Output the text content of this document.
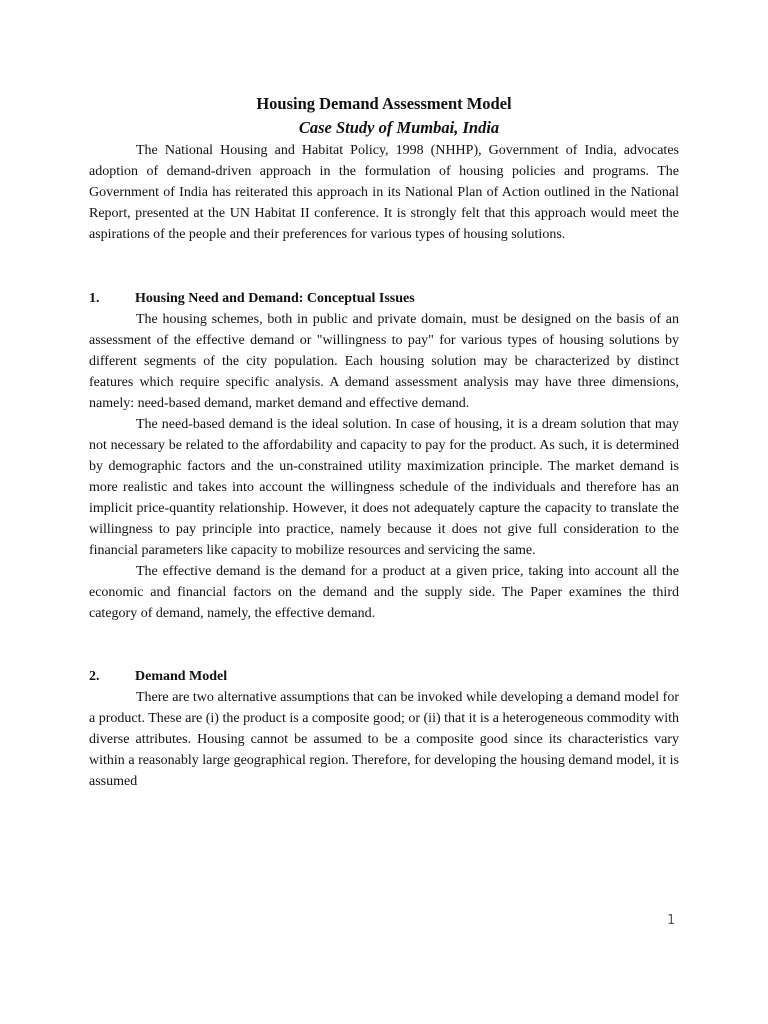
Housing Demand Assessment Model
Case Study of Mumbai, India

The National Housing and Habitat Policy, 1998 (NHHP), Government of India, advocates adoption of demand-driven approach in the formulation of housing policies and programs. The Government of India has reiterated this approach in its National Plan of Action outlined in the National Report, presented at the UN Habitat II conference. It is strongly felt that this approach would meet the aspirations of the people and their preferences for various types of housing solutions.

1.	Housing Need and Demand: Conceptual Issues

The housing schemes, both in public and private domain, must be designed on the basis of an assessment of the effective demand or "willingness to pay" for various types of housing solutions by different segments of the city population. Each housing solution may be characterized by distinct features which require specific analysis. A demand assessment analysis may have three dimensions, namely: need-based demand, market demand and effective demand.

The need-based demand is the ideal solution. In case of housing, it is a dream solution that may not necessary be related to the affordability and capacity to pay for the product. As such, it is determined by demographic factors and the un-constrained utility maximization principle. The market demand is more realistic and takes into account the willingness schedule of the individuals and therefore has an implicit price-quantity relationship. However, it does not adequately capture the capacity to translate the willingness to pay principle into practice, namely because it does not give full consideration to the financial parameters like capacity to mobilize resources and servicing the same.

The effective demand is the demand for a product at a given price, taking into account all the economic and financial factors on the demand and the supply side. The Paper examines the third category of demand, namely, the effective demand.

2.	Demand Model

There are two alternative assumptions that can be invoked while developing a demand model for a product. These are (i) the product is a composite good; or (ii) that it is a heterogeneous commodity with diverse attributes. Housing cannot be assumed to be a composite good since its characteristics vary within a reasonably large geographical region. Therefore, for developing the housing demand model, it is assumed

1
